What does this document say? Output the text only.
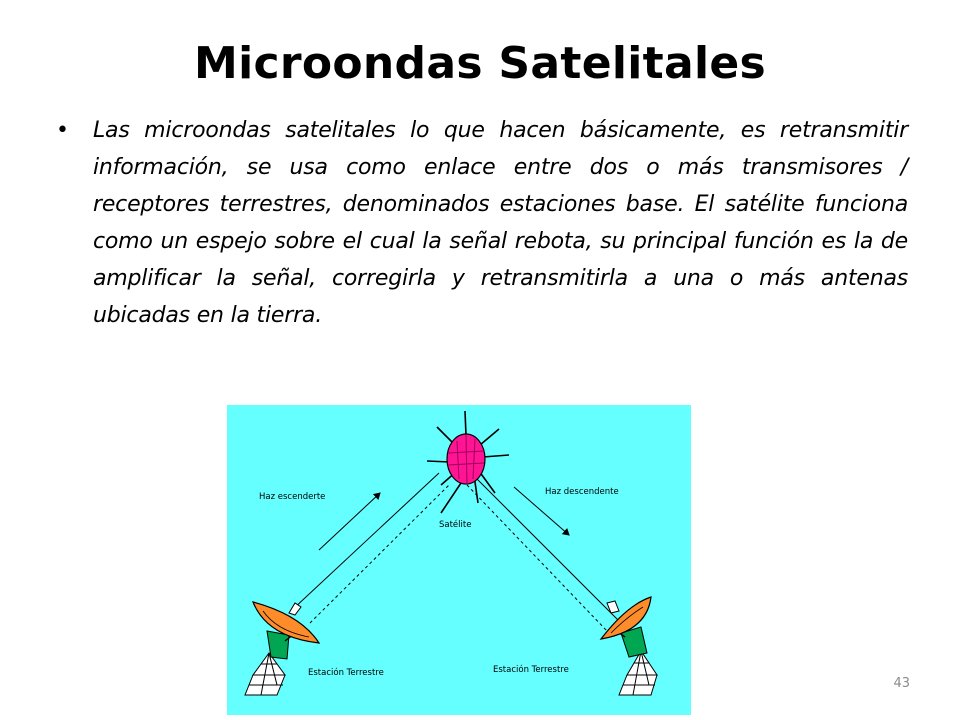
Microondas Satelitales
• Las microondas satelitales lo que hacen básicamente, es retransmitir información, se usa como enlace entre dos o más transmisores / receptores terrestres, denominados estaciones base. El satélite funciona como un espejo sobre el cual la señal rebota, su principal función es la de amplificar la señal, corregirla y retransmitirla a una o más antenas ubicadas en la tierra.
Haz escenderte	Haz descendente
Satélite
Estación Terrestre	Estación Terrestre
43
